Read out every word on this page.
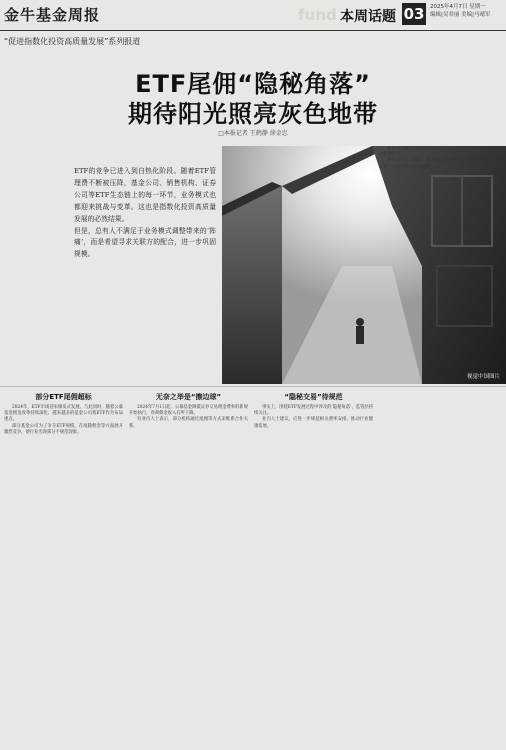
金牛基金周报	fund 本周话题 03 2025年4月7日 星期一
编辑|吴君丽 美编|马晴军
“促进指数化投资高质量发展”系列报道
ETF尾佣“隐秘角落”
期待阳光照亮灰色地带
□本报记者 王鹤静 徐金忠

ETF的竞争已进入到白热化阶段。随着ETF管理费不断被压降，基金公司、销售机构、证券公司等ETF生态链上的每一环节，业务模式也都迎来挑战与变革。这也是指数化投资高质量发展的必然结果。

但是，总有人不满足于业务模式调整带来的‘阵痛’，而是希望寻求关联方的配合，进一步巩固规模。

视觉中国图片
部分ETF尾佣超标

2024年，ETF市场迎来爆发式发展。与此同时，随着公募基金佣金改革持续深化，越来越多的基金公司将ETF作为布局重点。

部分基金公司为了争夺ETF规模，在尾随佣金等方面展开激烈竞争，使行业出现部分不规范现象。

无奈之举是“擦边球”

2024年7月1日起，公募基金降低证券交易佣金费率的新规开始执行，券商佣金收入有所下降。

有业内人士表示，部分机构通过尾佣等方式来维系合作关系。

“隐秘交易”待规范

事实上，围绕ETF发展过程中涉及的‘隐秘角落’，监管层持续关注。

业内人士建议，应进一步规范相关费率安排，推动行业健康发展。

在ETF规模快速增长的背景下，如何平衡各方利益成为行业关注的焦点。

多位业内人士建议，在后续的发展中，应持续优化相关制度安排，让阳光照亮灰色地带。
